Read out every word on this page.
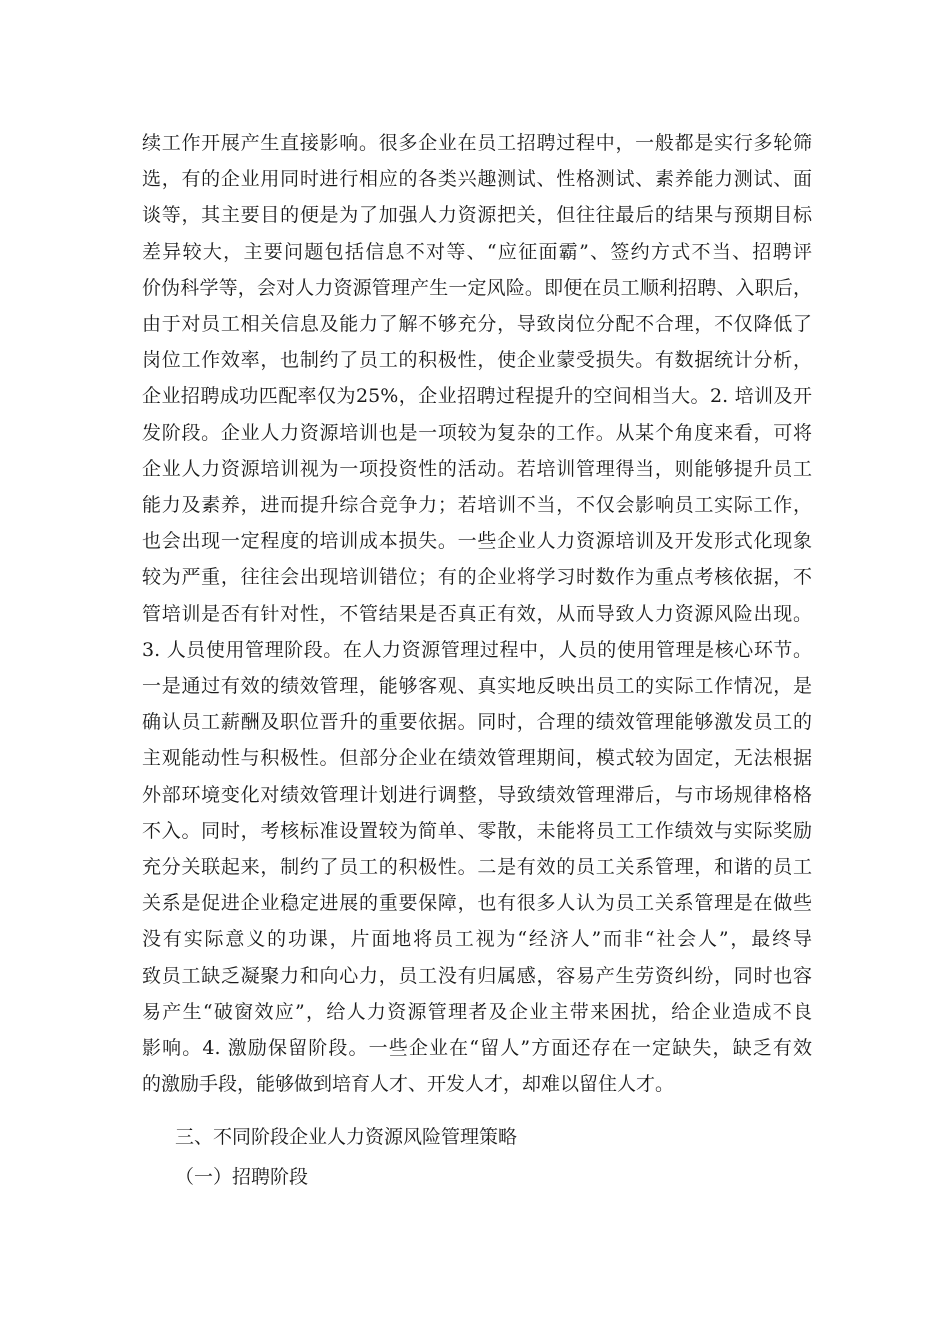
续工作开展产生直接影响。很多企业在员工招聘过程中，一般都是实行多轮筛
选，有的企业用同时进行相应的各类兴趣测试、性格测试、素养能力测试、面
谈等，其主要目的便是为了加强人力资源把关，但往往最后的结果与预期目标
差异较大，主要问题包括信息不对等、“应征面霸”、签约方式不当、招聘评
价伪科学等，会对人力资源管理产生一定风险。即便在员工顺利招聘、入职后，
由于对员工相关信息及能力了解不够充分，导致岗位分配不合理，不仅降低了
岗位工作效率，也制约了员工的积极性，使企业蒙受损失。有数据统计分析，
企业招聘成功匹配率仅为25%，企业招聘过程提升的空间相当大。2. 培训及开
发阶段。企业人力资源培训也是一项较为复杂的工作。从某个角度来看，可将
企业人力资源培训视为一项投资性的活动。若培训管理得当，则能够提升员工
能力及素养，进而提升综合竞争力；若培训不当，不仅会影响员工实际工作，
也会出现一定程度的培训成本损失。一些企业人力资源培训及开发形式化现象
较为严重，往往会出现培训错位；有的企业将学习时数作为重点考核依据，不
管培训是否有针对性，不管结果是否真正有效，从而导致人力资源风险出现。
3. 人员使用管理阶段。在人力资源管理过程中，人员的使用管理是核心环节。
一是通过有效的绩效管理，能够客观、真实地反映出员工的实际工作情况，是
确认员工薪酬及职位晋升的重要依据。同时，合理的绩效管理能够激发员工的
主观能动性与积极性。但部分企业在绩效管理期间，模式较为固定，无法根据
外部环境变化对绩效管理计划进行调整，导致绩效管理滞后，与市场规律格格
不入。同时，考核标准设置较为简单、零散，未能将员工工作绩效与实际奖励
充分关联起来，制约了员工的积极性。二是有效的员工关系管理，和谐的员工
关系是促进企业稳定进展的重要保障，也有很多人认为员工关系管理是在做些
没有实际意义的功课，片面地将员工视为“经济人”而非“社会人”，最终导
致员工缺乏凝聚力和向心力，员工没有归属感，容易产生劳资纠纷，同时也容
易产生“破窗效应”，给人力资源管理者及企业主带来困扰，给企业造成不良
影响。4. 激励保留阶段。一些企业在“留人”方面还存在一定缺失，缺乏有效
的激励手段，能够做到培育人才、开发人才，却难以留住人才。
三、不同阶段企业人力资源风险管理策略
（一）招聘阶段
